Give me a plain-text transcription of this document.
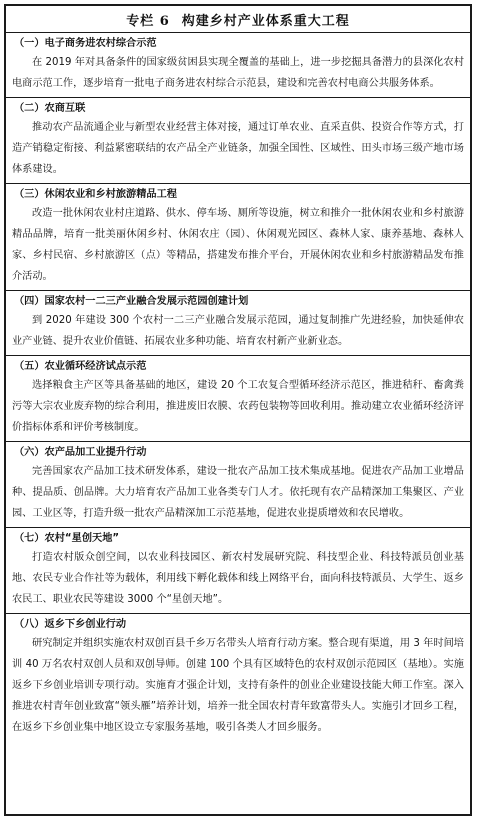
专栏 6 构建乡村产业体系重大工程
（一）电子商务进农村综合示范

在 2019 年对具备条件的国家级贫困县实现全覆盖的基础上，进一步挖掘具备潜力的县深化农村电商示范工作，逐步培育一批电子商务进农村综合示范县，建设和完善农村电商公共服务体系。

（二）农商互联

推动农产品流通企业与新型农业经营主体对接，通过订单农业、直采直供、投资合作等方式，打造产销稳定衔接、利益紧密联结的农产品全产业链条，加强全国性、区域性、田头市场三级产地市场体系建设。

（三）休闲农业和乡村旅游精品工程

改造一批休闲农业村庄道路、供水、停车场、厕所等设施，树立和推介一批休闲农业和乡村旅游精品品牌，培育一批美丽休闲乡村、休闲农庄（园）、休闲观光园区、森林人家、康养基地、森林人家、乡村民宿、乡村旅游区（点）等精品，搭建发布推介平台，开展休闲农业和乡村旅游精品发布推介活动。

（四）国家农村一二三产业融合发展示范园创建计划

到 2020 年建设 300 个农村一二三产业融合发展示范园，通过复制推广先进经验，加快延伸农业产业链、提升农业价值链、拓展农业多种功能、培育农村新产业新业态。

（五）农业循环经济试点示范

选择粮食主产区等具备基础的地区，建设 20 个工农复合型循环经济示范区，推进秸秆、畜禽粪污等大宗农业废弃物的综合利用，推进废旧农膜、农药包装物等回收利用。推动建立农业循环经济评价指标体系和评价考核制度。

（六）农产品加工业提升行动

完善国家农产品加工技术研发体系，建设一批农产品加工技术集成基地。促进农产品加工业增品种、提品质、创品牌。大力培育农产品加工业各类专门人才。依托现有农产品精深加工集聚区、产业园、工业区等，打造升级一批农产品精深加工示范基地，促进农业提质增效和农民增收。

（七）农村“星创天地”

打造农村版众创空间，以农业科技园区、新农村发展研究院、科技型企业、科技特派员创业基地、农民专业合作社等为载体，利用线下孵化载体和线上网络平台，面向科技特派员、大学生、返乡农民工、职业农民等建设 3000 个“星创天地”。

（八）返乡下乡创业行动

研究制定并组织实施农村双创百县千乡万名带头人培育行动方案。整合现有渠道，用 3 年时间培训 40 万名农村双创人员和双创导师。创建 100 个具有区域特色的农村双创示范园区（基地）。实施返乡下乡创业培训专项行动。实施育才强企计划，支持有条件的创业企业建设技能大师工作室。深入推进农村青年创业致富“领头雁”培养计划，培养一批全国农村青年致富带头人。实施引才回乡工程，在返乡下乡创业集中地区设立专家服务基地，吸引各类人才回乡服务。
